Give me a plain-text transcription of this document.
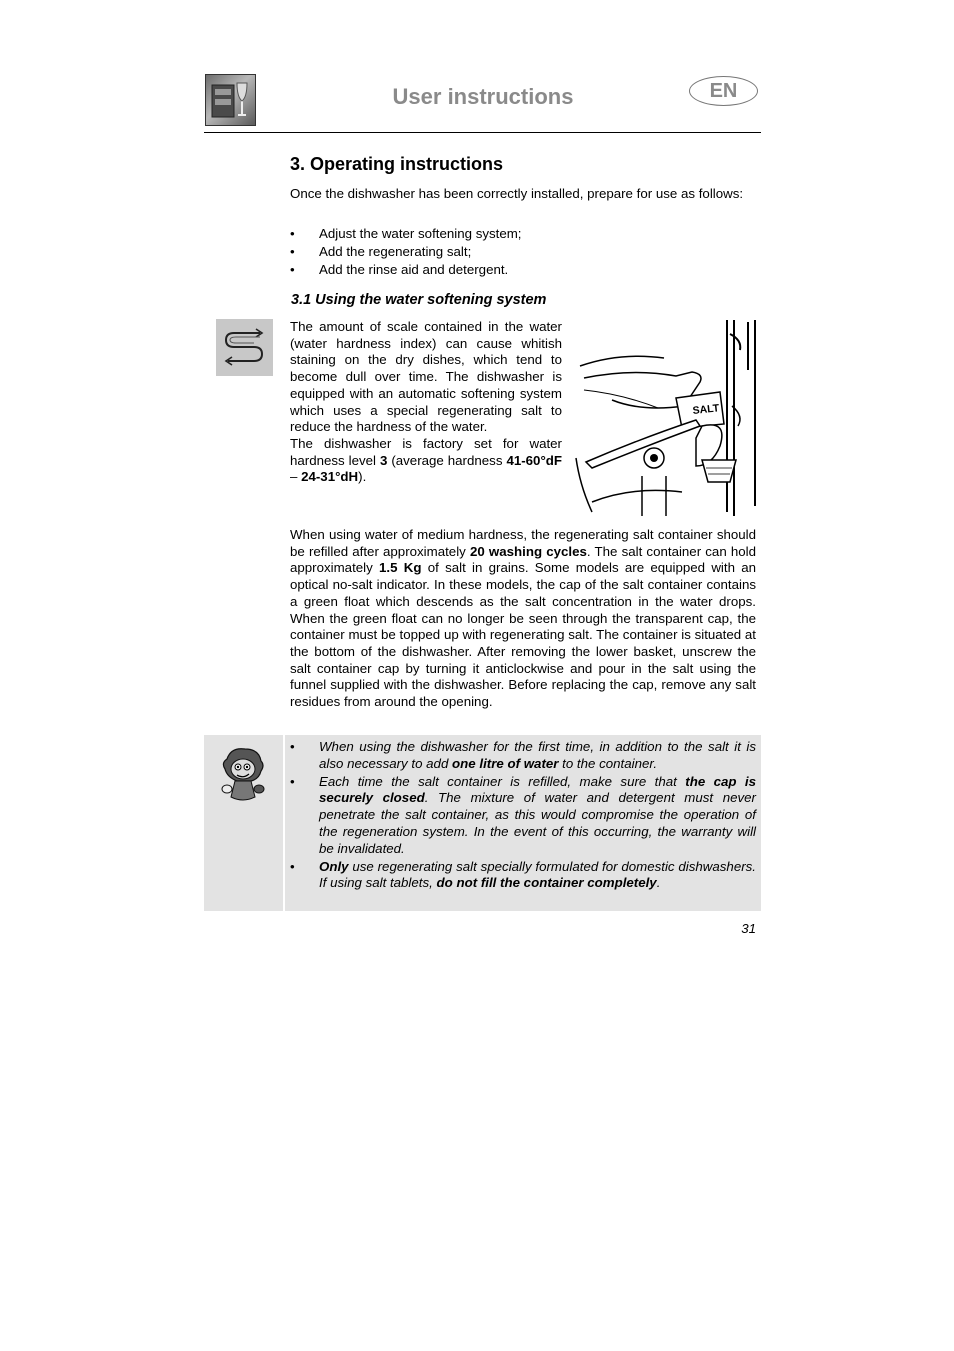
User instructions	EN
3. Operating instructions
Once the dishwasher has been correctly installed, prepare for use as follows:
• Adjust the water softening system;
• Add the regenerating salt;
• Add the rinse aid and detergent.
3.1 Using the water softening system
The amount of scale contained in the water (water hardness index) can cause whitish staining on the dry dishes, which tend to become dull over time. The dishwasher is equipped with an automatic softening system which uses a special regenerating salt to reduce the hardness of the water.
The dishwasher is factory set for water hardness level 3 (average hardness 41-60°dF – 24-31°dH).
SALT
When using water of medium hardness, the regenerating salt container should be refilled after approximately 20 washing cycles. The salt container can hold approximately 1.5 Kg of salt in grains. Some models are equipped with an optical no-salt indicator. In these models, the cap of the salt container contains a green float which descends as the salt concentration in the water drops. When the green float can no longer be seen through the transparent cap, the container must be topped up with regenerating salt. The container is situated at the bottom of the dishwasher. After removing the lower basket, unscrew the salt container cap by turning it anticlockwise and pour in the salt using the funnel supplied with the dishwasher. Before replacing the cap, remove any salt residues from around the opening.
• When using the dishwasher for the first time, in addition to the salt it is also necessary to add one litre of water to the container.
• Each time the salt container is refilled, make sure that the cap is securely closed. The mixture of water and detergent must never penetrate the salt container, as this would compromise the operation of the regeneration system. In the event of this occurring, the warranty will be invalidated.
• Only use regenerating salt specially formulated for domestic dishwashers. If using salt tablets, do not fill the container completely.
31
